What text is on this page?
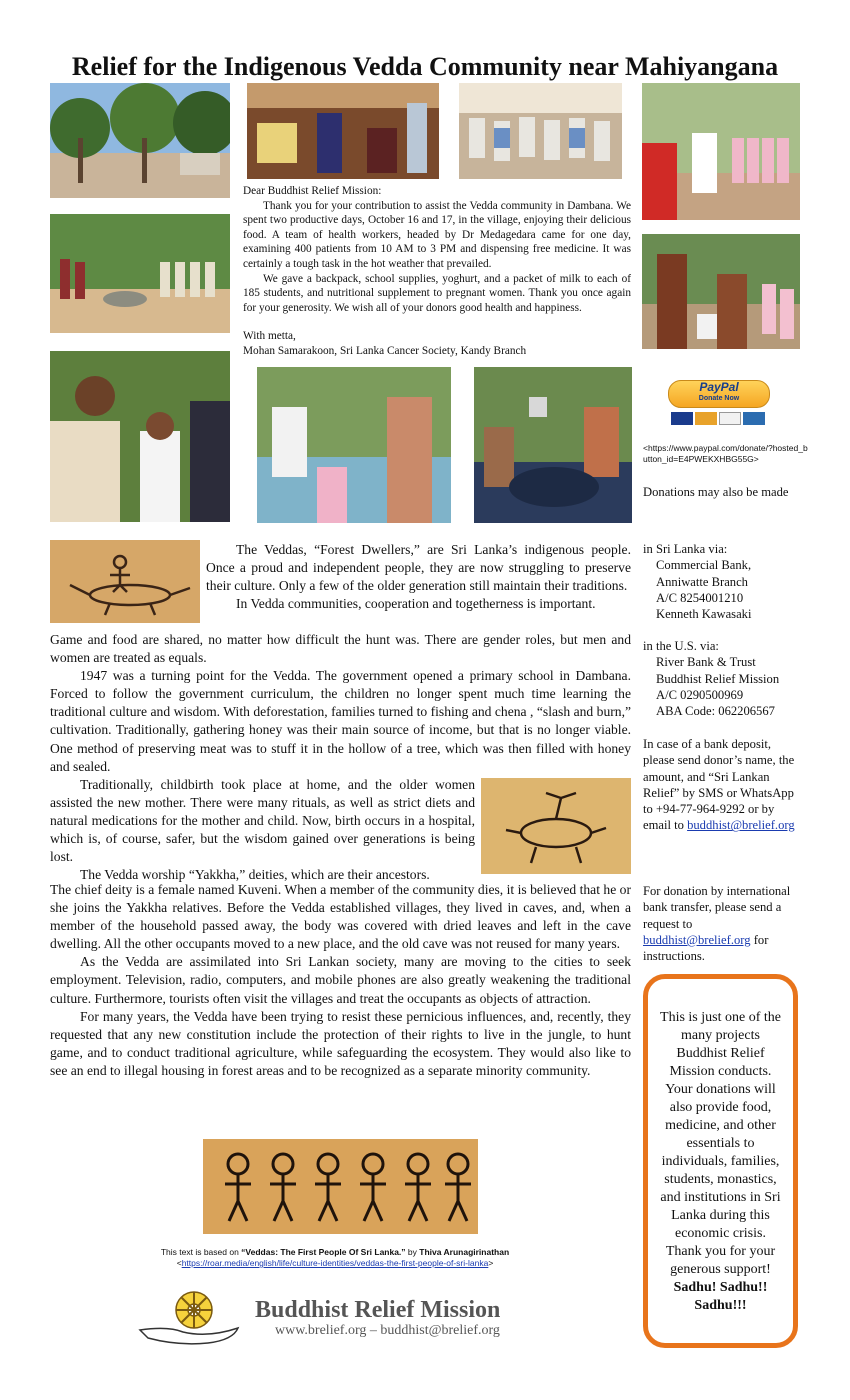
Relief for the Indigenous Vedda Community near Mahiyangana

Dear Buddhist Relief Mission:

Thank you for your contribution to assist the Vedda community in Dambana. We spent two productive days, October 16 and 17, in the village, enjoying their delicious food. A team of health workers, headed by Dr Medagedara came for one day, examining 400 patients from 10 AM to 3 PM and dispensing free medicine. It was certainly a tough task in the hot weather that prevailed.

We gave a backpack, school supplies, yoghurt, and a packet of milk to each of 185 students, and nutritional supplement to pregnant women. Thank you once again for your generosity. We wish all of your donors good health and happiness.

With metta,

Mohan Samarakoon, Sri Lanka Cancer Society, Kandy Branch

PayPal
Donate Now
<https://www.paypal.com/donate/?hosted_button_id=E4PWEKXHBG55G>
Donations may also be made

in Sri Lanka via:

Commercial Bank,

Anniwatte Branch

A/C 8254001210

Kenneth Kawasaki

in the U.S. via:

River Bank & Trust

Buddhist Relief Mission

A/C 0290500969

ABA Code: 062206567

In case of a bank deposit, please send donor’s name, the amount, and “Sri Lankan Relief” by SMS or WhatsApp to +94-77-964-9292 or by email to buddhist@brelief.org

For donation by international bank transfer, please send a request to buddhist@brelief.org for instructions.

This is just one of the many projects Buddhist Relief Mission conducts. Your donations will also provide food, medicine, and other essentials to individuals, families, students, monastics, and institutions in Sri Lanka during this economic crisis. Thank you for your generous support!
Sadhu! Sadhu!! Sadhu!!!

The Veddas, “Forest Dwellers,” are Sri Lanka’s indigenous people. Once a proud and independent people, they are now struggling to preserve their culture. Only a few of the older generation still maintain their traditions.

In Vedda communities, cooperation and togetherness is important.

Game and food are shared, no matter how difficult the hunt was. There are gender roles, but men and women are treated as equals.

1947 was a turning point for the Vedda. The government opened a primary school in Dambana. Forced to follow the government curriculum, the children no longer spent much time learning the traditional culture and wisdom. With deforestation, families turned to fishing and chena , “slash and burn,” cultivation. Traditionally, gathering honey was their main source of income, but that is no longer viable. One method of preserving meat was to stuff it in the hollow of a tree, which was then filled with honey and sealed.

Traditionally, childbirth took place at home, and the older women assisted the new mother. There were many rituals, as well as strict diets and natural medications for the mother and child. Now, birth occurs in a hospital, which is, of course, safer, but the wisdom gained over generations is being lost.

The Vedda worship “Yakkha,” deities, which are their ancestors.

The chief deity is a female named Kuveni. When a member of the community dies, it is believed that he or she joins the Yakkha relatives. Before the Vedda established villages, they lived in caves, and, when a member of the household passed away, the body was covered with dried leaves and left in the cave dwelling. All the other occupants moved to a new place, and the old cave was not reused for many years.

As the Vedda are assimilated into Sri Lankan society, many are moving to the cities to seek employment. Television, radio, computers, and mobile phones are also greatly weakening the traditional culture. Furthermore, tourists often visit the villages and treat the occupants as objects of attraction.

For many years, the Vedda have been trying to resist these pernicious influences, and, recently, they requested that any new constitution include the protection of their rights to live in the jungle, to hunt game, and to conduct traditional agriculture, while safeguarding the ecosystem. They would also like to see an end to illegal housing in forest areas and to be recognized as a separate minority community.

This text is based on “Veddas: The First People Of Sri Lanka.” by Thiva Arunagirinathan
<https://roar.media/english/life/culture-identities/veddas-the-first-people-of-sri-lanka>
Buddhist Relief Mission
www.brelief.org – buddhist@brelief.org
